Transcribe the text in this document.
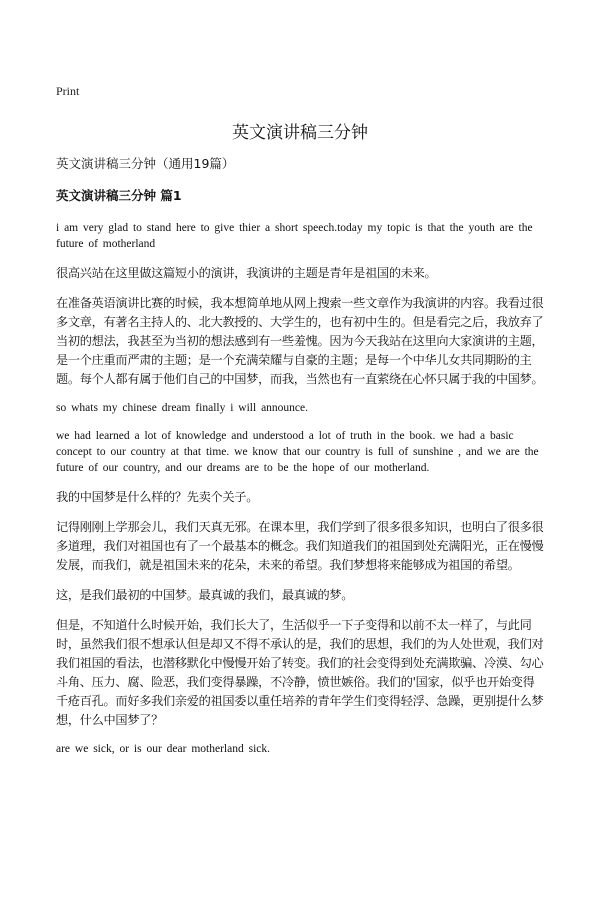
Print
英文演讲稿三分钟
英文演讲稿三分钟（通用19篇）
英文演讲稿三分钟 篇1

i am very glad to stand here to give thier a short speech.today my topic is that the youth are the future of motherland

很高兴站在这里做这篇短小的演讲，我演讲的主题是青年是祖国的未来。

在准备英语演讲比赛的时候，我本想简单地从网上搜索一些文章作为我演讲的内容。我看过很多文章，有著名主持人的、北大教授的、大学生的，也有初中生的。但是看完之后，我放弃了当初的想法，我甚至为当初的想法感到有一些羞愧。因为今天我站在这里向大家演讲的主题，是一个庄重而严肃的主题；是一个充满荣耀与自豪的主题；是每一个中华儿女共同期盼的主题。每个人都有属于他们自己的中国梦，而我，当然也有一直萦绕在心怀只属于我的中国梦。

so whats my chinese dream finally i will announce.

we had learned a lot of knowledge and understood a lot of truth in the book. we had a basic concept to our country at that time. we know that our country is full of sunshine , and we are the future of our country, and our dreams are to be the hope of our motherland.

我的中国梦是什么样的？先卖个关子。

记得刚刚上学那会儿，我们天真无邪。在课本里，我们学到了很多很多知识，也明白了很多很多道理，我们对祖国也有了一个最基本的概念。我们知道我们的祖国到处充满阳光，正在慢慢发展，而我们，就是祖国未来的花朵，未来的希望。我们梦想将来能够成为祖国的希望。

这，是我们最初的中国梦。最真诚的我们，最真诚的梦。

但是，不知道什么时候开始，我们长大了，生活似乎一下子变得和以前不太一样了，与此同时，虽然我们很不想承认但是却又不得不承认的是，我们的思想，我们的为人处世观，我们对我们祖国的看法，也潜移默化中慢慢开始了转变。我们的社会变得到处充满欺骗、冷漠、勾心斗角、压力、腐、险恶，我们变得暴躁，不冷静，愤世嫉俗。我们的'国家，似乎也开始变得千疮百孔。而好多我们亲爱的祖国委以重任培养的青年学生们变得轻浮、急躁，更别提什么梦想，什么中国梦了？

are we sick, or is our dear motherland sick.
